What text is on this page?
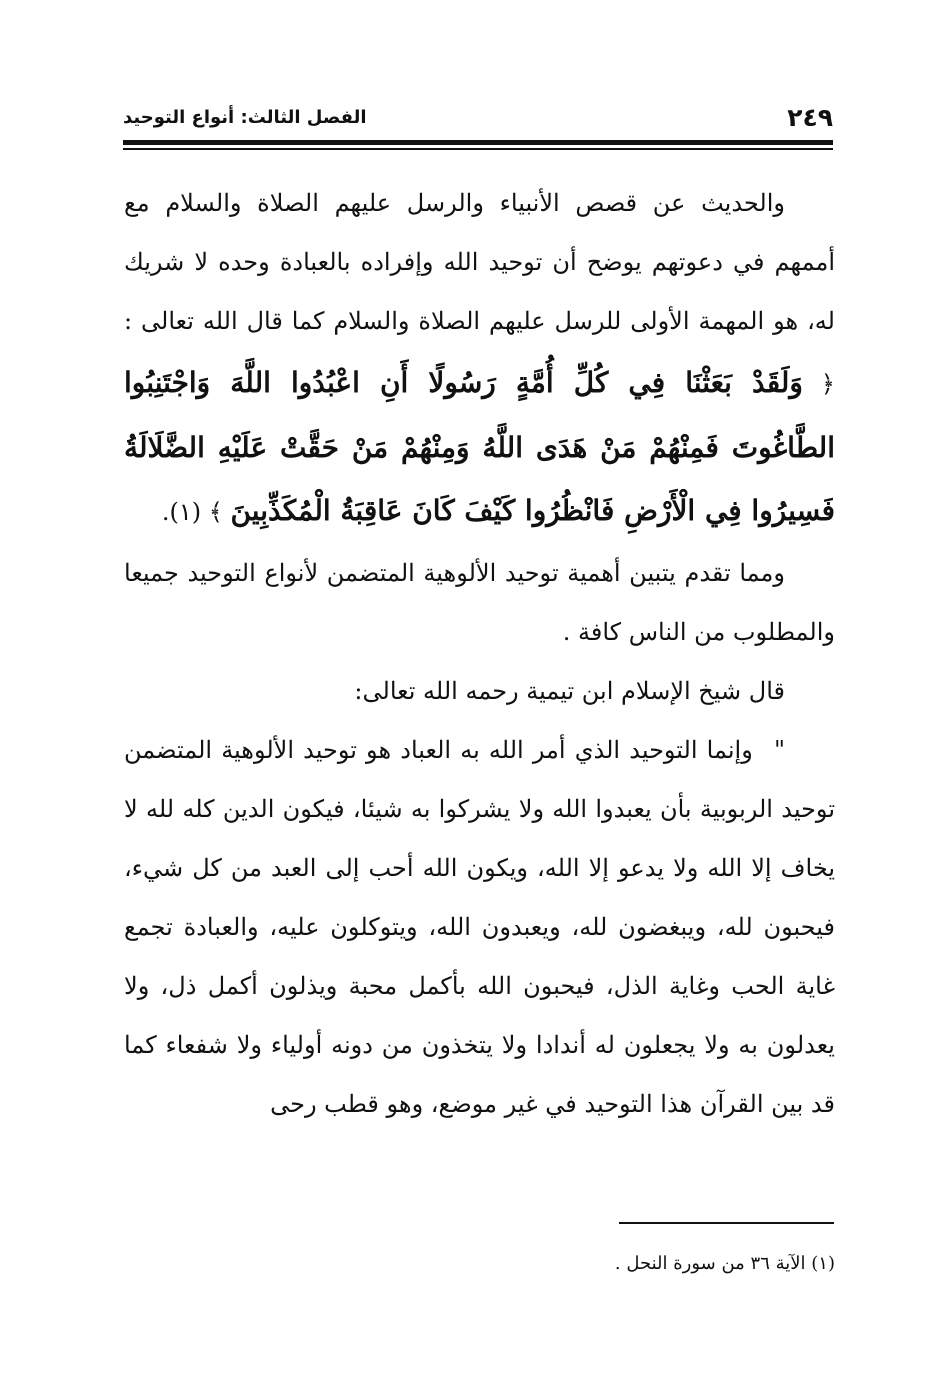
٢٤٩
الفصل الثالث: أنواع التوحيد

والحديث عن قصص الأنبياء والرسل عليهم الصلاة والسلام مع أممهم في دعوتهم يوضح أن توحيد الله وإفراده بالعبادة وحده لا شريك له، هو المهمة الأولى للرسل عليهم الصلاة والسلام كما قال الله تعالى : ﴿ وَلَقَدْ بَعَثْنَا فِي كُلِّ أُمَّةٍ رَسُولًا أَنِ اعْبُدُوا اللَّهَ وَاجْتَنِبُوا الطَّاغُوتَ فَمِنْهُمْ مَنْ هَدَى اللَّهُ وَمِنْهُمْ مَنْ حَقَّتْ عَلَيْهِ الضَّلَالَةُ فَسِيرُوا فِي الْأَرْضِ فَانْظُرُوا كَيْفَ كَانَ عَاقِبَةُ الْمُكَذِّبِينَ ﴾ (١).

ومما تقدم يتبين أهمية توحيد الألوهية المتضمن لأنواع التوحيد جميعا والمطلوب من الناس كافة .

قال شيخ الإسلام ابن تيمية رحمه الله تعالى:

" وإنما التوحيد الذي أمر الله به العباد هو توحيد الألوهية المتضمن توحيد الربوبية بأن يعبدوا الله ولا يشركوا به شيئا، فيكون الدين كله لله لا يخاف إلا الله ولا يدعو إلا الله، ويكون الله أحب إلى العبد من كل شيء، فيحبون لله، ويبغضون لله، ويعبدون الله، ويتوكلون عليه، والعبادة تجمع غاية الحب وغاية الذل، فيحبون الله بأكمل محبة ويذلون أكمل ذل، ولا يعدلون به ولا يجعلون له أندادا ولا يتخذون من دونه أولياء ولا شفعاء كما قد بين القرآن هذا التوحيد في غير موضع، وهو قطب رحى

(١) الآية ٣٦ من سورة النحل .
